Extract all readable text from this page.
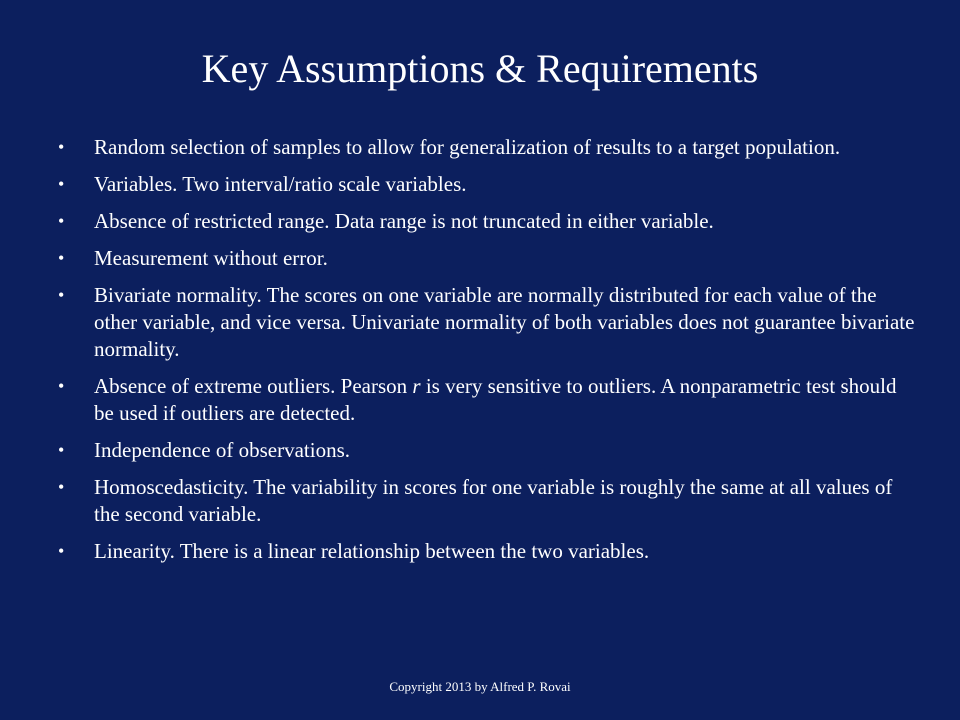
Key Assumptions & Requirements
• Random selection of samples to allow for generalization of results to a target population.
• Variables. Two interval/ratio scale variables.
• Absence of restricted range. Data range is not truncated in either variable.
• Measurement without error.
• Bivariate normality. The scores on one variable are normally distributed for each value of the other variable, and vice versa. Univariate normality of both variables does not guarantee bivariate normality.
• Absence of extreme outliers. Pearson r is very sensitive to outliers. A nonparametric test should be used if outliers are detected.
• Independence of observations.
• Homoscedasticity. The variability in scores for one variable is roughly the same at all values of the second variable.
• Linearity. There is a linear relationship between the two variables.
Copyright 2013 by Alfred P. Rovai
